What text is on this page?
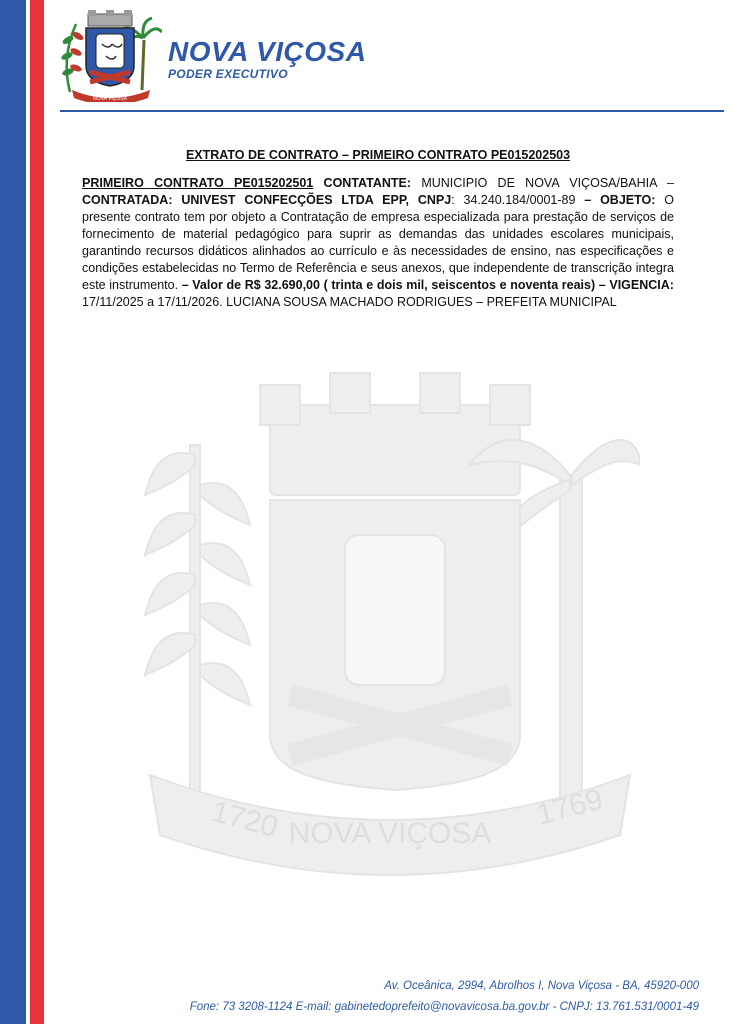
NOVA VIÇOSA
NOVA VIÇOSA
PODER EXECUTIVO
1720 NOVA VIÇOSA
1769
EXTRATO DE CONTRATO – PRIMEIRO CONTRATO PE015202503
PRIMEIRO CONTRATO PE015202501 CONTATANTE: MUNICIPIO DE NOVA VIÇOSA/BAHIA – CONTRATADA: UNIVEST CONFECÇÕES LTDA EPP, CNPJ: 34.240.184/0001-89 – OBJETO: O presente contrato tem por objeto a Contratação de empresa especializada para prestação de serviços de fornecimento de material pedagógico para suprir as demandas das unidades escolares municipais, garantindo recursos didáticos alinhados ao currículo e às necessidades de ensino, nas especificações e condições estabelecidas no Termo de Referência e seus anexos, que independente de transcrição integra este instrumento. – Valor de R$ 32.690,00 ( trinta e dois mil, seiscentos e noventa reais) – VIGENCIA: 17/11/2025 a 17/11/2026. LUCIANA SOUSA MACHADO RODRIGUES – PREFEITA MUNICIPAL
Av. Oceânica, 2994, Abrolhos I, Nova Viçosa - BA, 45920-000
Fone: 73 3208-1124 E-mail: gabinetedoprefeito@novavicosa.ba.gov.br - CNPJ: 13.761.531/0001-49
